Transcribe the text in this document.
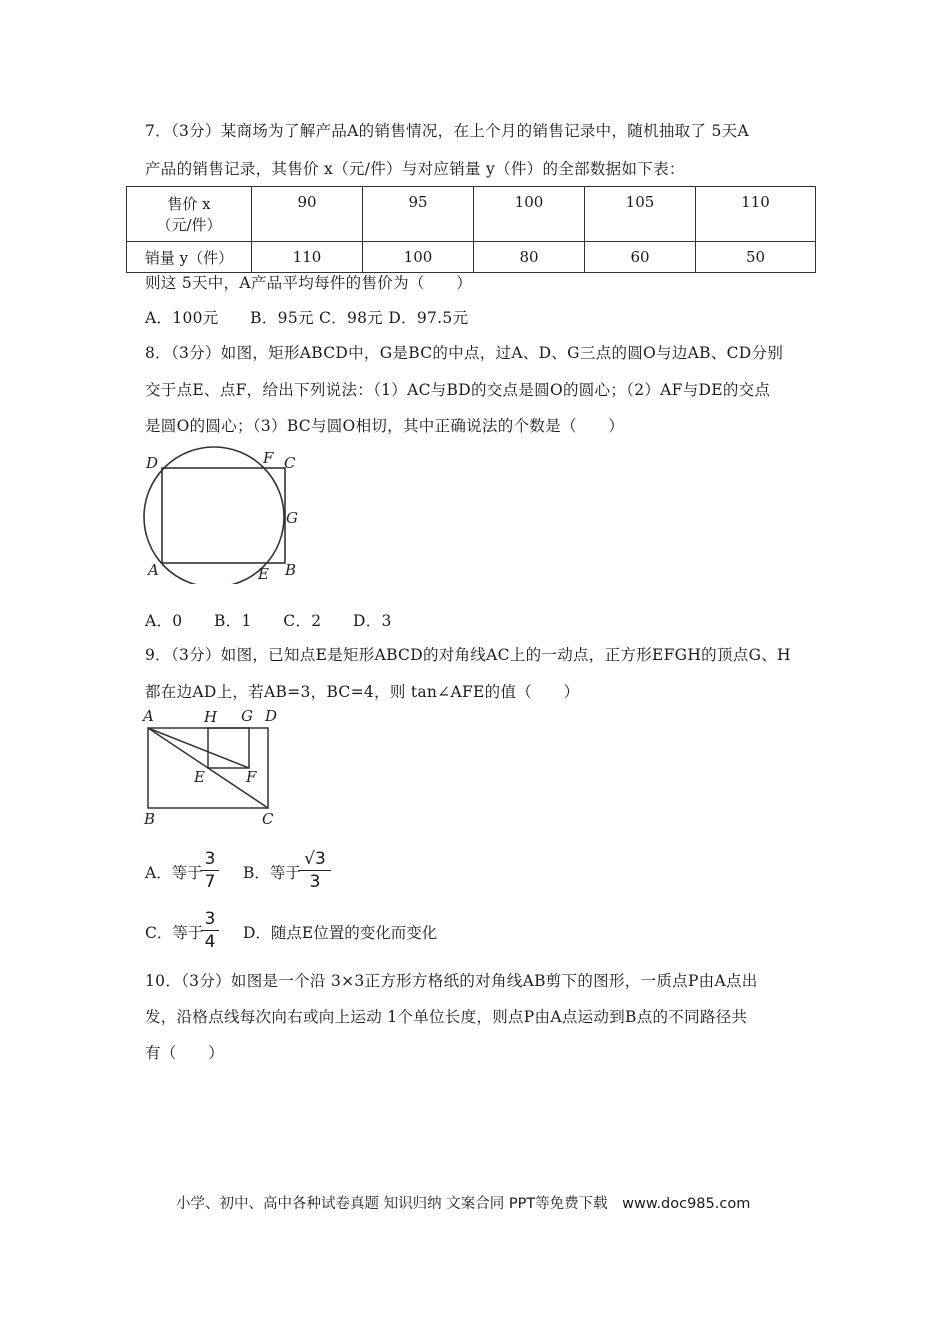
7．（3分）某商场为了解产品A的销售情况，在上个月的销售记录中，随机抽取了 5天A
产品的销售记录，其售价 x（元/件）与对应销量 y（件）的全部数据如下表：
售价 x
（元/件）	90	95	100	105	110
销量 y（件）	110	100	80	60	50
则这 5天中，A产品平均每件的售价为（　　）
A．100元　　B．95元 C．98元 D．97.5元
8．（3分）如图，矩形ABCD中，G是BC的中点，过A、D、G三点的圆O与边AB、CD分别
交于点E、点F，给出下列说法：（1）AC与BD的交点是圆O的圆心；（2）AF与DE的交点
是圆O的圆心；（3）BC与圆O相切，其中正确说法的个数是（　　）
D	F C
G
A	E B
A．0　　B．1　　C．2　　D．3
9．（3分）如图，已知点E是矩形ABCD的对角线AC上的一动点，正方形EFGH的顶点G、H
都在边AD上，若AB=3，BC=4，则 tan∠AFE的值（　　）
A	H G D
E	F
B	C
A．等于
3
7 B．等于
√3
3
C．等于
3
4 D．随点E位置的变化而变化
10．（3分）如图是一个沿 3×3正方形方格纸的对角线AB剪下的图形，一质点P由A点出
发，沿格点线每次向右或向上运动 1个单位长度，则点P由A点运动到B点的不同路径共
有（　　）
小学、初中、高中各种试卷真题 知识归纳 文案合同 PPT等免费下载　www.doc985.com
